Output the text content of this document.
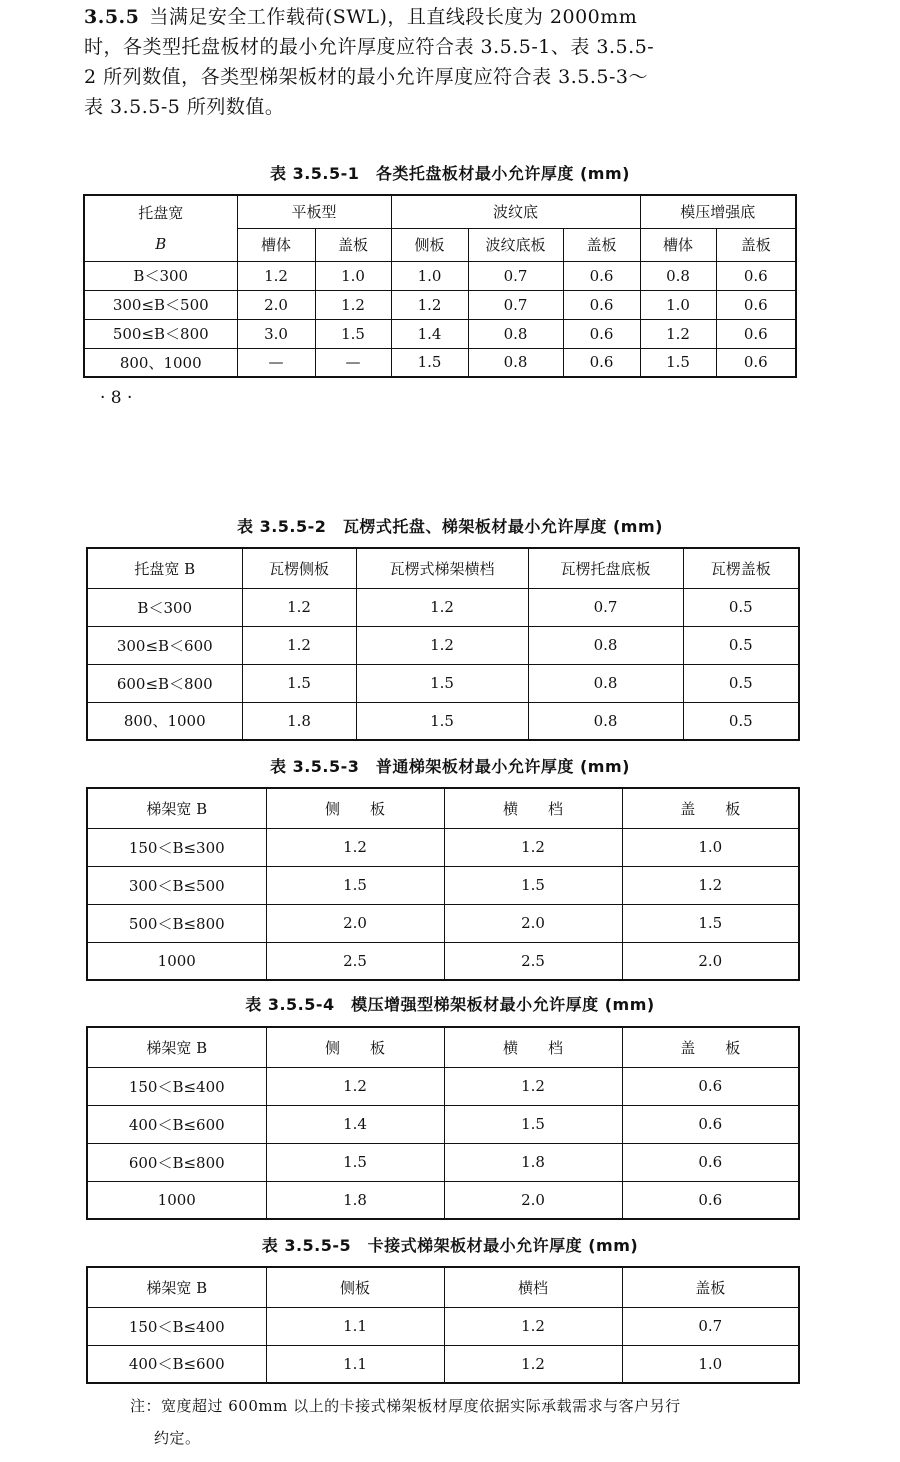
3.5.5 当满足安全工作载荷(SWL)，且直线段长度为 2000mm
时，各类型托盘板材的最小允许厚度应符合表 3.5.5-1、表 3.5.5-
2 所列数值，各类型梯架板材的最小允许厚度应符合表 3.5.5-3～
表 3.5.5-5 所列数值。
表 3.5.5-1　各类托盘板材最小允许厚度 (mm)
托盘宽	平板型		波纹底			模压增强底	
B	槽体	盖板	侧板	波纹底板	盖板	槽体	盖板
B＜300	1.2	1.0	1.0	0.7	0.6	0.8	0.6
300≤B＜500	2.0	1.2	1.2	0.7	0.6	1.0	0.6
500≤B＜800	3.0	1.5	1.4	0.8	0.6	1.2	0.6
800、1000	—	—	1.5	0.8	0.6	1.5	0.6
· 8 ·
表 3.5.5-2　瓦楞式托盘、梯架板材最小允许厚度 (mm)
托盘宽 B	瓦楞侧板	瓦楞式梯架横档	瓦楞托盘底板	瓦楞盖板
B＜300	1.2	1.2	0.7	0.5
300≤B＜600	1.2	1.2	0.8	0.5
600≤B＜800	1.5	1.5	0.8	0.5
800、1000	1.8	1.5	0.8	0.5
表 3.5.5-3　普通梯架板材最小允许厚度 (mm)
梯架宽 B	侧　　板	横　　档	盖　　板
150＜B≤300	1.2	1.2	1.0
300＜B≤500	1.5	1.5	1.2
500＜B≤800	2.0	2.0	1.5
1000	2.5	2.5	2.0
表 3.5.5-4　模压增强型梯架板材最小允许厚度 (mm)
梯架宽 B	侧　　板	横　　档	盖　　板
150＜B≤400	1.2	1.2	0.6
400＜B≤600	1.4	1.5	0.6
600＜B≤800	1.5	1.8	0.6
1000	1.8	2.0	0.6
表 3.5.5-5　卡接式梯架板材最小允许厚度 (mm)
梯架宽 B	侧板	横档	盖板
150＜B≤400	1.1	1.2	0.7
400＜B≤600	1.1	1.2	1.0
注：宽度超过 600mm 以上的卡接式梯架板材厚度依据实际承载需求与客户另行
约定。
